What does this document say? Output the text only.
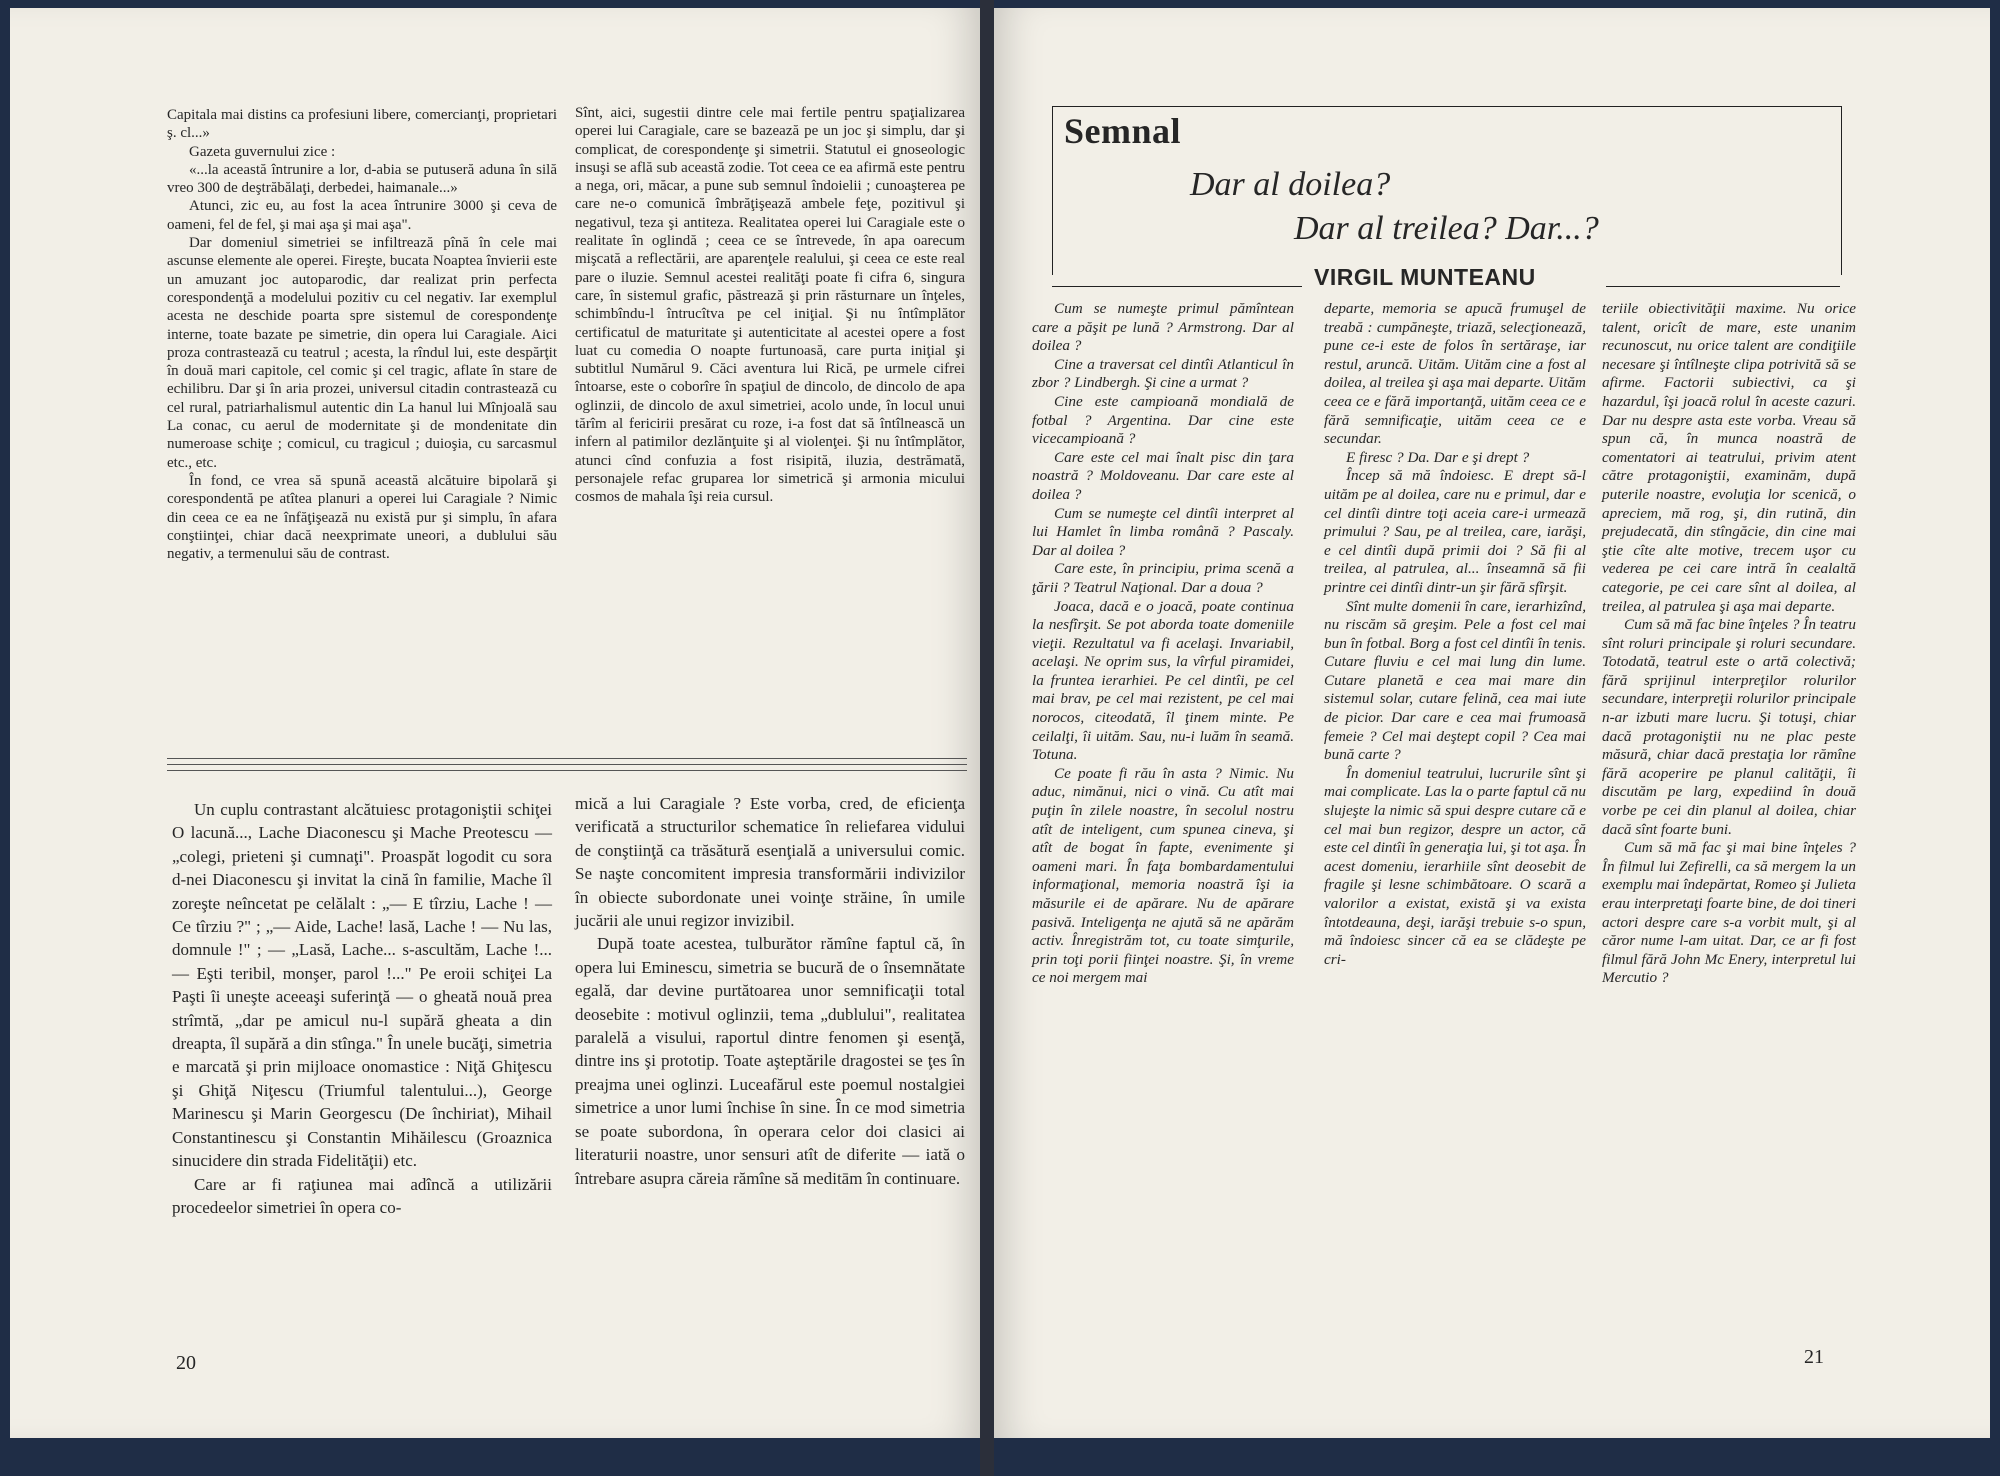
Capitala mai distins ca profesiuni libere, comercianţi, proprietari ş. cl...»

Gazeta guvernului zice :

«...la această întrunire a lor, d-abia se putuseră aduna în silă vreo 300 de deştrăbălaţi, derbedei, haimanale...»

Atunci, zic eu, au fost la acea întrunire 3000 şi ceva de oameni, fel de fel, şi mai aşa şi mai aşa".

Dar domeniul simetriei se infiltrează pînă în cele mai ascunse elemente ale operei. Fireşte, bucata Noaptea învierii este un amuzant joc autoparodic, dar realizat prin perfecta corespondenţă a modelului pozitiv cu cel negativ. Iar exemplul acesta ne deschide poarta spre sistemul de corespondenţe interne, toate bazate pe simetrie, din opera lui Caragiale. Aici proza contrastează cu teatrul ; acesta, la rîndul lui, este despărţit în două mari capitole, cel comic şi cel tragic, aflate în stare de echilibru. Dar şi în aria prozei, universul citadin contrastează cu cel rural, patriarhalismul autentic din La hanul lui Mînjoală sau La conac, cu aerul de modernitate şi de mondenitate din numeroase schiţe ; comicul, cu tragicul ; duioşia, cu sarcasmul etc., etc.

În fond, ce vrea să spună această alcătuire bipolară şi corespondentă pe atîtea planuri a operei lui Caragiale ? Nimic din ceea ce ea ne înfăţişează nu există pur şi simplu, în afara conştiinţei, chiar dacă neexprimate uneori, a dublului său negativ, a termenului său de contrast.

Sînt, aici, sugestii dintre cele mai fertile pentru spaţializarea operei lui Caragiale, care se bazează pe un joc şi simplu, dar şi complicat, de corespondenţe şi simetrii. Statutul ei gnoseologic insuşi se află sub această zodie. Tot ceea ce ea afirmă este pentru a nega, ori, măcar, a pune sub semnul îndoielii ; cunoaşterea pe care ne-o comunică îmbrăţişează ambele feţe, pozitivul şi negativul, teza şi antiteza. Realitatea operei lui Caragiale este o realitate în oglindă ; ceea ce se întrevede, în apa oarecum mişcată a reflectării, are aparenţele realului, şi ceea ce este real pare o iluzie. Semnul acestei realităţi poate fi cifra 6, singura care, în sistemul grafic, păstrează şi prin răsturnare un înţeles, schimbîndu-l întrucîtva pe cel iniţial. Şi nu întîmplător certificatul de maturitate şi autenticitate al acestei opere a fost luat cu comedia O noapte furtunoasă, care purta iniţial şi subtitlul Numărul 9. Căci aventura lui Rică, pe urmele cifrei întoarse, este o coborîre în spaţiul de dincolo, de dincolo de apa oglinzii, de dincolo de axul simetriei, acolo unde, în locul unui tărîm al fericirii presărat cu roze, i-a fost dat să întîlnească un infern al patimilor dezlănţuite şi al violenţei. Şi nu întîmplător, atunci cînd confuzia a fost risipită, iluzia, destrămată, personajele refac gruparea lor simetrică şi armonia micului cosmos de mahala îşi reia cursul.

Un cuplu contrastant alcătuiesc protagoniştii schiţei O lacună..., Lache Diaconescu şi Mache Preotescu — „colegi, prieteni şi cumnaţi". Proaspăt logodit cu sora d-nei Diaconescu şi invitat la cină în familie, Mache îl zoreşte neîncetat pe celălalt : „— E tîrziu, Lache ! — Ce tîrziu ?" ; „— Aide, Lache! lasă, Lache ! — Nu las, domnule !" ; — „Lasă, Lache... s-ascultăm, Lache !... — Eşti teribil, monşer, parol !..." Pe eroii schiţei La Paşti îi uneşte aceeaşi suferinţă — o gheată nouă prea strîmtă, „dar pe amicul nu-l supără gheata a din dreapta, îl supără a din stînga." În unele bucăţi, simetria e marcată şi prin mijloace onomastice : Niţă Ghiţescu şi Ghiţă Niţescu (Triumful talentului...), George Marinescu şi Marin Georgescu (De închiriat), Mihail Constantinescu şi Constantin Mihăilescu (Groaznica sinucidere din strada Fidelităţii) etc.

Care ar fi raţiunea mai adîncă a utilizării procedeelor simetriei în opera co-

mică a lui Caragiale ? Este vorba, cred, de eficienţa verificată a structurilor schematice în reliefarea vidului de conştiinţă ca trăsătură esenţială a universului comic. Se naşte concomitent impresia transformării indivizilor în obiecte subordonate unei voinţe străine, în umile jucării ale unui regizor invizibil.

După toate acestea, tulburător rămîne faptul că, în opera lui Eminescu, simetria se bucură de o însemnătate egală, dar devine purtătoarea unor semnificaţii total deosebite : motivul oglinzii, tema „dublului", realitatea paralelă a visului, raportul dintre fenomen şi esenţă, dintre ins şi prototip. Toate aşteptările dragostei se ţes în preajma unei oglinzi. Luceafărul este poemul nostalgiei simetrice a unor lumi închise în sine. În ce mod simetria se poate subordona, în operara celor doi clasici ai literaturii noastre, unor sensuri atît de diferite — iată o întrebare asupra căreia rămîne să meditām în continuare.

20
Semnal
Dar al doilea?
Dar al treilea? Dar...?
VIRGIL MUNTEANU

Cum se numeşte primul pămîntean care a păşit pe lună ? Armstrong. Dar al doilea ?

Cine a traversat cel dintîi Atlanticul în zbor ? Lindbergh. Şi cine a urmat ?

Cine este campioană mondială de fotbal ? Argentina. Dar cine este vicecampioană ?

Care este cel mai înalt pisc din ţara noastră ? Moldoveanu. Dar care este al doilea ?

Cum se numeşte cel dintîi interpret al lui Hamlet în limba română ? Pascaly. Dar al doilea ?

Care este, în principiu, prima scenă a ţării ? Teatrul Naţional. Dar a doua ?

Joaca, dacă e o joacă, poate continua la nesfîrşit. Se pot aborda toate domeniile vieţii. Rezultatul va fi acelaşi. Invariabil, acelaşi. Ne oprim sus, la vîrful piramidei, la fruntea ierarhiei. Pe cel dintîi, pe cel mai brav, pe cel mai rezistent, pe cel mai norocos, citeodată, îl ţinem minte. Pe ceilalţi, îi uităm. Sau, nu-i luăm în seamă. Totuna.

Ce poate fi rău în asta ? Nimic. Nu aduc, nimănui, nici o vină. Cu atît mai puţin în zilele noastre, în secolul nostru atît de inteligent, cum spunea cineva, şi atît de bogat în fapte, evenimente şi oameni mari. În faţa bombardamentului informaţional, memoria noastră îşi ia măsurile ei de apărare. Nu de apărare pasivă. Inteligenţa ne ajută să ne apărăm activ. Înregistrăm tot, cu toate simţurile, prin toţi porii fiinţei noastre. Şi, în vreme ce noi mergem mai

departe, memoria se apucă frumuşel de treabă : cumpăneşte, triază, selecţionează, pune ce-i este de folos în sertăraşe, iar restul, aruncă. Uităm. Uităm cine a fost al doilea, al treilea şi aşa mai departe. Uităm ceea ce e fără importanţă, uităm ceea ce e fără semnificaţie, uităm ceea ce e secundar.

E firesc ? Da. Dar e şi drept ?

Încep să mă îndoiesc. E drept să-l uităm pe al doilea, care nu e primul, dar e cel dintîi dintre toţi aceia care-i urmează primului ? Sau, pe al treilea, care, iarăşi, e cel dintîi după primii doi ? Să fii al treilea, al patrulea, al... înseamnă să fii printre cei dintîi dintr-un şir fără sfîrşit.

Sînt multe domenii în care, ierarhizînd, nu riscăm să greşim. Pele a fost cel mai bun în fotbal. Borg a fost cel dintîi în tenis. Cutare fluviu e cel mai lung din lume. Cutare planetă e cea mai mare din sistemul solar, cutare felină, cea mai iute de picior. Dar care e cea mai frumoasă femeie ? Cel mai deştept copil ? Cea mai bună carte ?

În domeniul teatrului, lucrurile sînt şi mai complicate. Las la o parte faptul că nu slujeşte la nimic să spui despre cutare că e cel mai bun regizor, despre un actor, că este cel dintîi în generaţia lui, şi tot aşa. În acest domeniu, ierarhiile sînt deosebit de fragile şi lesne schimbătoare. O scară a valorilor a existat, există şi va exista întotdeauna, deşi, iarăşi trebuie s-o spun, mă îndoiesc sincer că ea se clădeşte pe cri-

teriile obiectivităţii maxime. Nu orice talent, oricît de mare, este unanim recunoscut, nu orice talent are condiţiile necesare şi întîlneşte clipa potrivită să se afirme. Factorii subiectivi, ca şi hazardul, îşi joacă rolul în aceste cazuri. Dar nu despre asta este vorba. Vreau să spun că, în munca noastră de comentatori ai teatrului, privim atent cătrе protagoniştii, examinăm, după puterile noastre, evoluţia lor scenică, o apreciem, mă rog, şi, din rutină, din prejudecată, din stîngăcie, din cine mai ştie cîte alte motive, trecem uşor cu vederea pe cei care intră în cealaltă categorie, pe cei care sînt al doilea, al treilea, al patrulea şi aşa mai departe.

Cum să mă fac bine înţeles ? În teatru sînt roluri principale şi roluri secundare. Totodată, teatrul este o artă colectivă; fără sprijinul interpreţilor rolurilor secundare, interpreţii rolurilor principale n-ar izbuti mare lucru. Şi totuşi, chiar dacă protagoniştii nu ne plac peste măsură, chiar dacă prestaţia lor rămîne fără acoperire pe planul calităţii, îi discutăm pe larg, expediind în două vorbe pe cei din planul al doilea, chiar dacă sînt foarte buni.

Cum să mă fac şi mai bine înţeles ? În filmul lui Zefirelli, ca să mergem la un exemplu mai îndepărtat, Romeo şi Julieta erau interpretaţi foarte bine, de doi tineri actori despre care s-a vorbit mult, şi al căror nume l-am uitat. Dar, ce ar fi fost filmul fără John Mc Enery, interpretul lui Mercutio ?

21
